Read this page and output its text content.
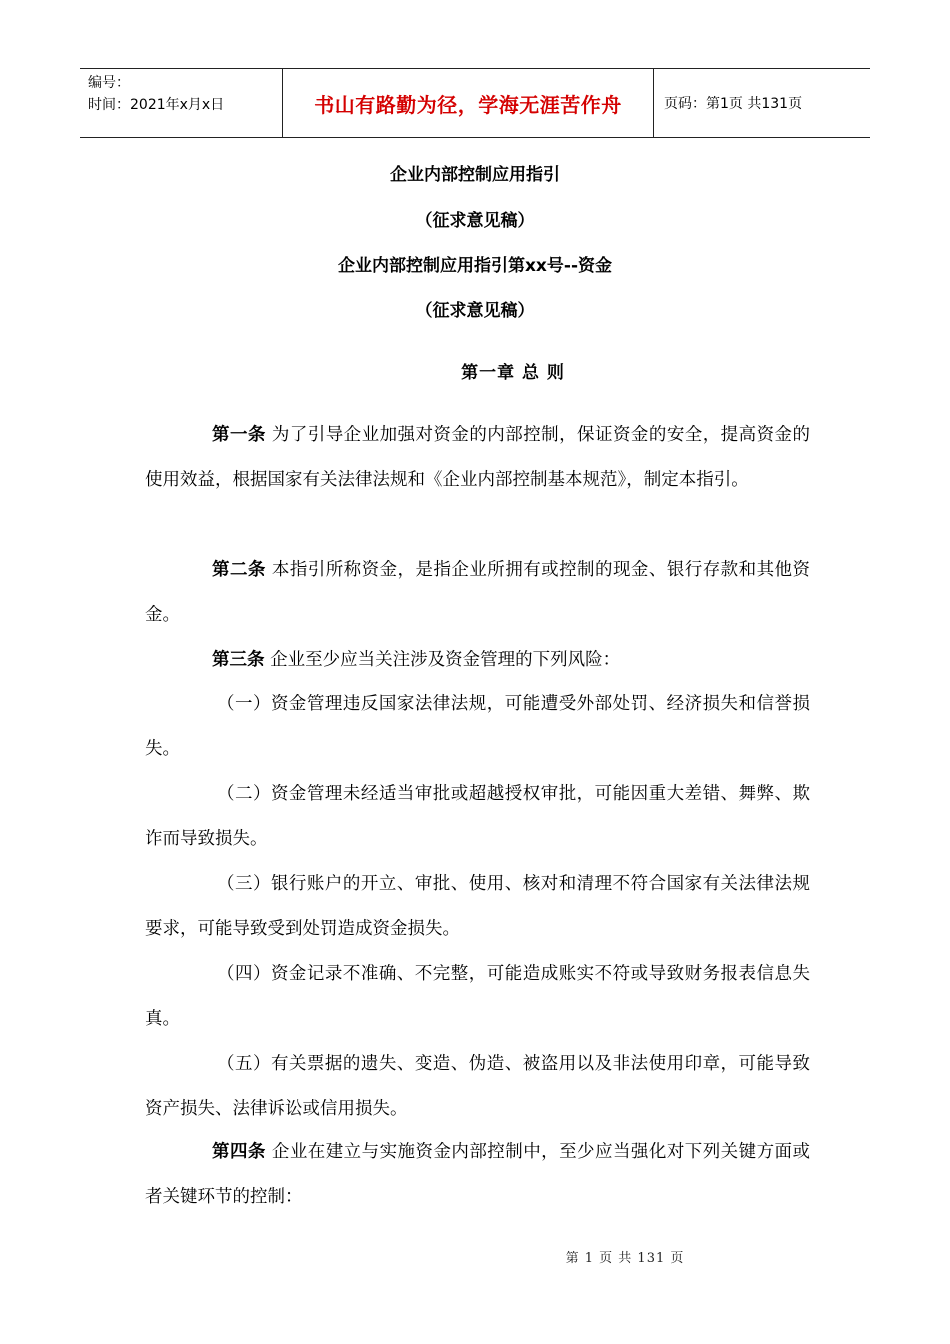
编号：
时间：2021年x月x日	书山有路勤为径，学海无涯苦作舟	页码：第1页 共131页
企业内部控制应用指引
（征求意见稿）
企业内部控制应用指引第xx号--资金
（征求意见稿）
第一章 总 则

第一条 为了引导企业加强对资金的内部控制，保证资金的安全，提高资金的使用效益，根据国家有关法律法规和《企业内部控制基本规范》，制定本指引。

第二条 本指引所称资金，是指企业所拥有或控制的现金、银行存款和其他资金。

第三条 企业至少应当关注涉及资金管理的下列风险：

（一）资金管理违反国家法律法规，可能遭受外部处罚、经济损失和信誉损失。

（二）资金管理未经适当审批或超越授权审批，可能因重大差错、舞弊、欺诈而导致损失。

（三）银行账户的开立、审批、使用、核对和清理不符合国家有关法律法规要求，可能导致受到处罚造成资金损失。

（四）资金记录不准确、不完整，可能造成账实不符或导致财务报表信息失真。

（五）有关票据的遗失、变造、伪造、被盗用以及非法使用印章，可能导致资产损失、法律诉讼或信用损失。

第四条 企业在建立与实施资金内部控制中，至少应当强化对下列关键方面或者关键环节的控制：

第 1 页 共 131 页
